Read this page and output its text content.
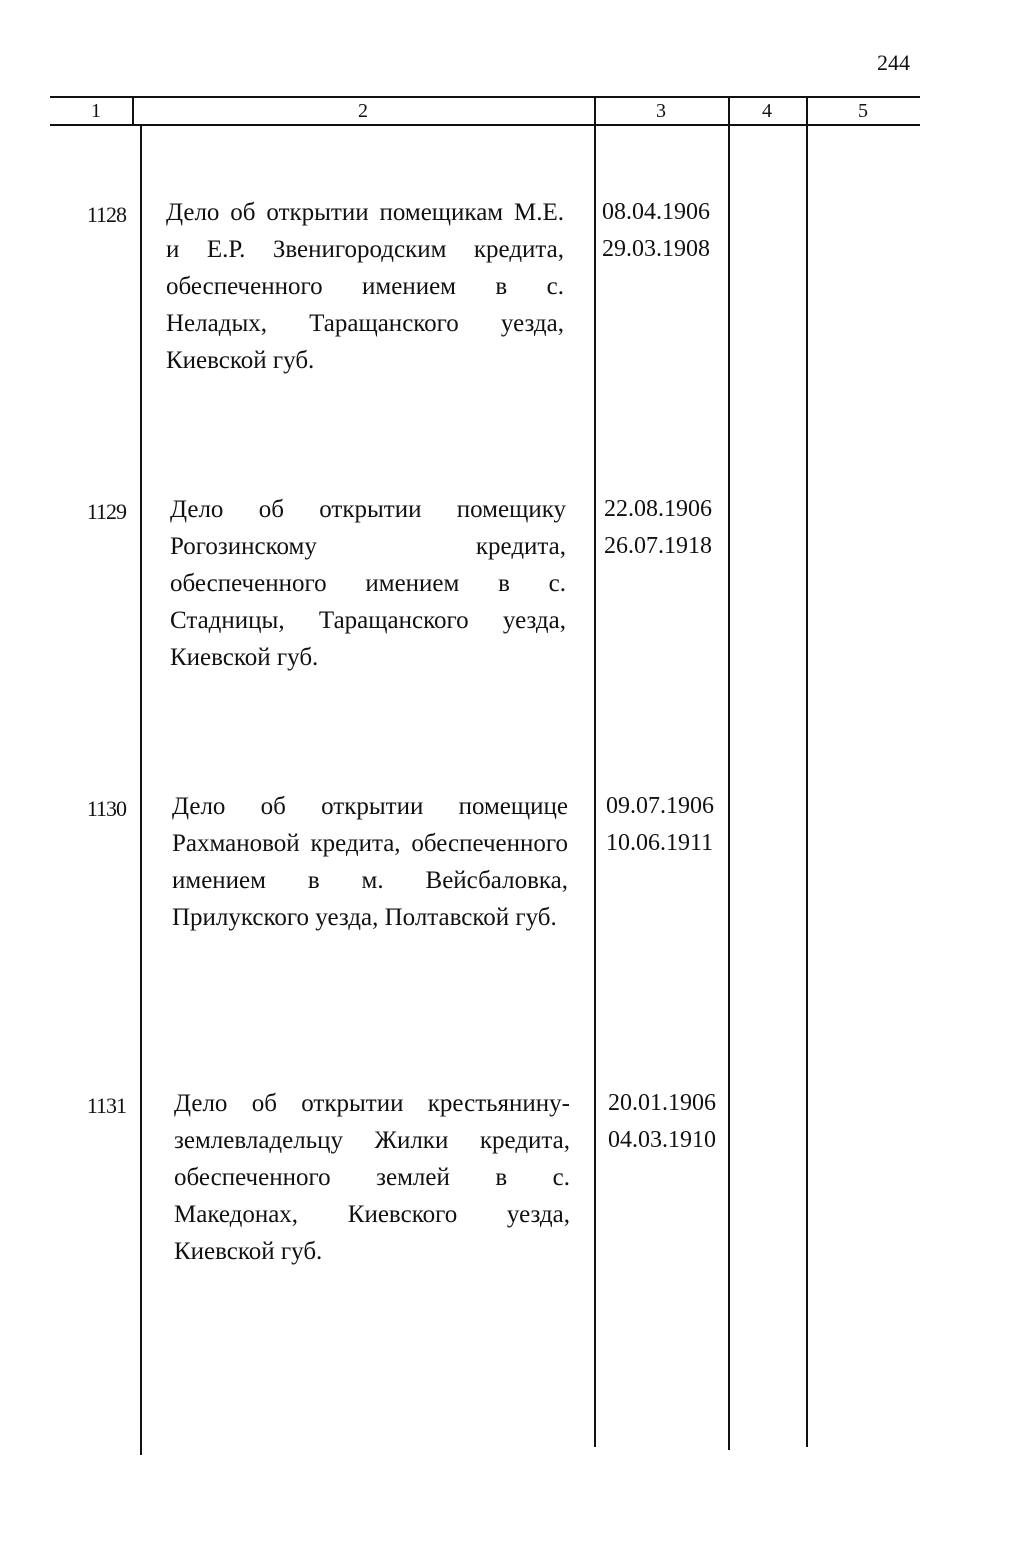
244
1	2	3	4	5
1128 Дело об открытии помещикам М.Е. и Е.Р. Звенигородским кредита, обеспеченного имением в с. Неладых, Таращанского уезда, Киевской губ.
08.04.1906
29.03.1908
1129 Дело об открытии помещику Рогозинскому кредита, обеспеченного имением в с. Стадницы, Таращанского уезда, Киевской губ.
22.08.1906
26.07.1918
1130 Дело об открытии помещице Рахмановой кредита, обеспеченного имением в м. Вейсбаловка, Прилукского уезда, Полтавской губ.
09.07.1906
10.06.1911
1131 Дело об открытии крестьянину-землевладельцу Жилки кредита, обеспеченного землей в с. Македонах, Киевского уезда, Киевской губ.
20.01.1906
04.03.1910
